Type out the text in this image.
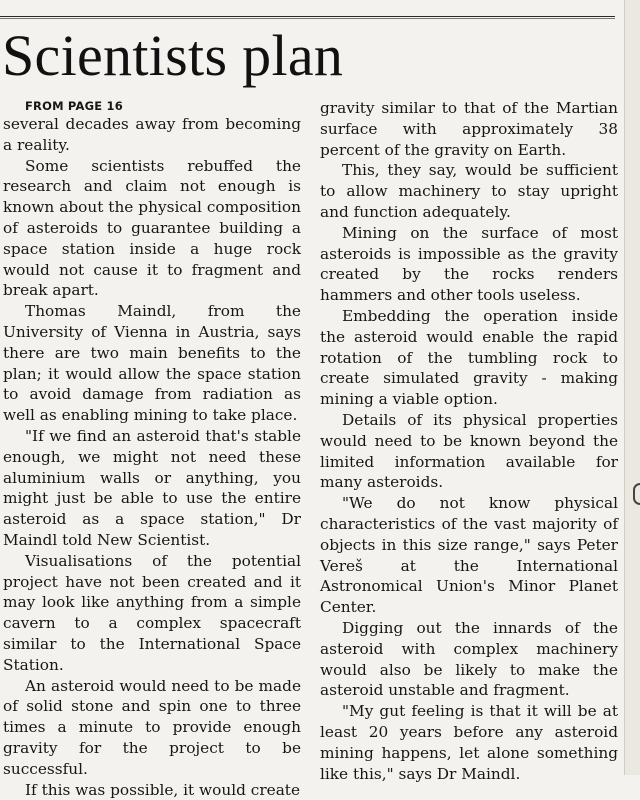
Scientists plan

FROM PAGE 16

several decades away from becoming a reality.

Some scientists rebuffed the research and claim not enough is known about the physical composition of asteroids to guarantee building a space station inside a huge rock would not cause it to fragment and break apart.

Thomas Maindl, from the University of Vienna in Austria, says there are two main benefits to the plan; it would allow the space station to avoid damage from radiation as well as enabling mining to take place.

"If we find an asteroid that's stable enough, we might not need these aluminium walls or anything, you might just be able to use the entire asteroid as a space station," Dr Maindl told New Scientist.

Visualisations of the potential project have not been created and it may look like anything from a simple cavern to a complex spacecraft similar to the International Space Station.

An asteroid would need to be made of solid stone and spin one to three times a minute to provide enough gravity for the project to be successful.

If this was possible, it would create

gravity similar to that of the Martian surface with approximately 38 percent of the gravity on Earth.

This, they say, would be sufficient to allow machinery to stay upright and function adequately.

Mining on the surface of most asteroids is impossible as the gravity created by the rocks renders hammers and other tools useless.

Embedding the operation inside the asteroid would enable the rapid rotation of the tumbling rock to create simulated gravity - making mining a viable option.

Details of its physical properties would need to be known beyond the limited information available for many asteroids.

"We do not know physical characteristics of the vast majority of objects in this size range," says Peter Vereš at the International Astronomical Union's Minor Planet Center.

Digging out the innards of the asteroid with complex machinery would also be likely to make the asteroid unstable and fragment.

"My gut feeling is that it will be at least 20 years before any asteroid mining happens, let alone something like this," says Dr Maindl.
